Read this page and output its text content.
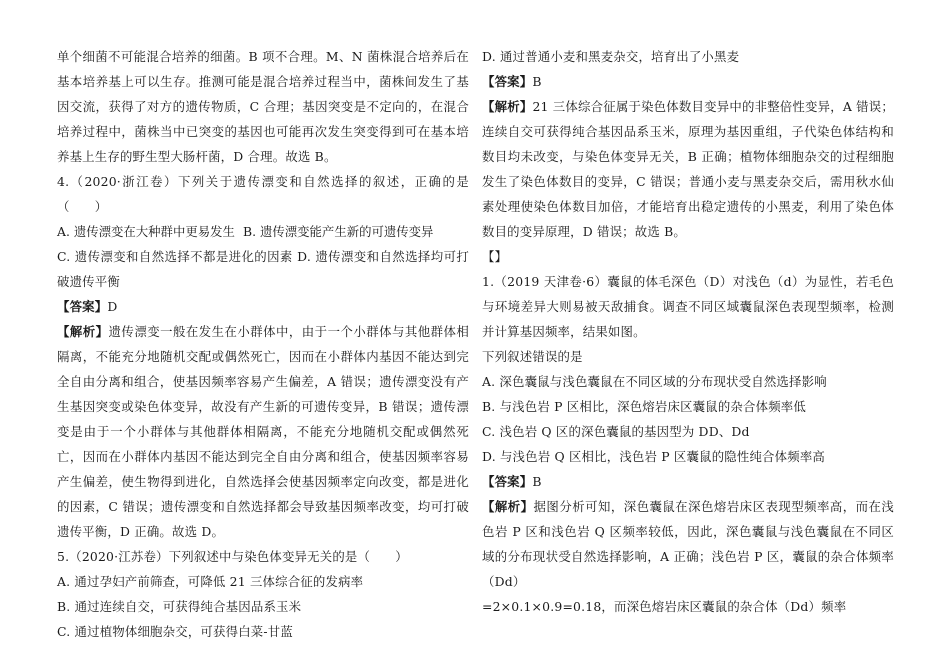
单个细菌不可能混合培养的细菌。B 项不合理。M、N 菌株混合培养后在基本培养基上可以生存。推测可能是混合培养过程当中，菌株间发生了基因交流，获得了对方的遗传物质，C 合理；基因突变是不定向的，在混合培养过程中，菌株当中已突变的基因也可能再次发生突变得到可在基本培养基上生存的野生型大肠杆菌，D 合理。故选 B。

4.（2020·浙江卷）下列关于遗传漂变和自然选择的叙述，正确的是（　　）

A. 遗传漂变在大种群中更易发生 B. 遗传漂变能产生新的可遗传变异

C. 遗传漂变和自然选择不都是进化的因素 D. 遗传漂变和自然选择均可打破遗传平衡

【答案】D

【解析】遗传漂变一般在发生在小群体中，由于一个小群体与其他群体相隔离，不能充分地随机交配或偶然死亡，因而在小群体内基因不能达到完全自由分离和组合，使基因频率容易产生偏差，A 错误；遗传漂变没有产生基因突变或染色体变异，故没有产生新的可遗传变异，B 错误；遗传漂变是由于一个小群体与其他群体相隔离，不能充分地随机交配或偶然死亡，因而在小群体内基因不能达到完全自由分离和组合，使基因频率容易产生偏差，使生物得到进化，自然选择会使基因频率定向改变，都是进化的因素，C 错误；遗传漂变和自然选择都会导致基因频率改变，均可打破遗传平衡，D 正确。故选 D。

5.（2020·江苏卷）下列叙述中与染色体变异无关的是（　　）

A. 通过孕妇产前筛查，可降低 21 三体综合征的发病率

B. 通过连续自交，可获得纯合基因品系玉米

C. 通过植物体细胞杂交，可获得白菜-甘蓝

D. 通过普通小麦和黑麦杂交，培育出了小黑麦

【答案】B

【解析】21 三体综合征属于染色体数目变异中的非整倍性变异，A 错误；连续自交可获得纯合基因品系玉米，原理为基因重组，子代染色体结构和数目均未改变，与染色体变异无关，B 正确；植物体细胞杂交的过程细胞发生了染色体数目的变异，C 错误；普通小麦与黑麦杂交后，需用秋水仙素处理使染色体数目加倍，才能培育出稳定遗传的小黑麦，利用了染色体数目的变异原理，D 错误；故选 B。

【】

1.（2019 天津卷·6）囊鼠的体毛深色（D）对浅色（d）为显性，若毛色与环境差异大则易被天敌捕食。调查不同区域囊鼠深色表现型频率，检测并计算基因频率，结果如图。

下列叙述错误的是

A. 深色囊鼠与浅色囊鼠在不同区域的分布现状受自然选择影响

B. 与浅色岩 P 区相比，深色熔岩床区囊鼠的杂合体频率低

C. 浅色岩 Q 区的深色囊鼠的基因型为 DD、Dd

D. 与浅色岩 Q 区相比，浅色岩 P 区囊鼠的隐性纯合体频率高

【答案】B

【解析】据图分析可知，深色囊鼠在深色熔岩床区表现型频率高，而在浅色岩 P 区和浅色岩 Q 区频率较低，因此，深色囊鼠与浅色囊鼠在不同区域的分布现状受自然选择影响，A 正确；浅色岩 P 区，囊鼠的杂合体频率（Dd）

=2×0.1×0.9=0.18，而深色熔岩床区囊鼠的杂合体（Dd）频率
